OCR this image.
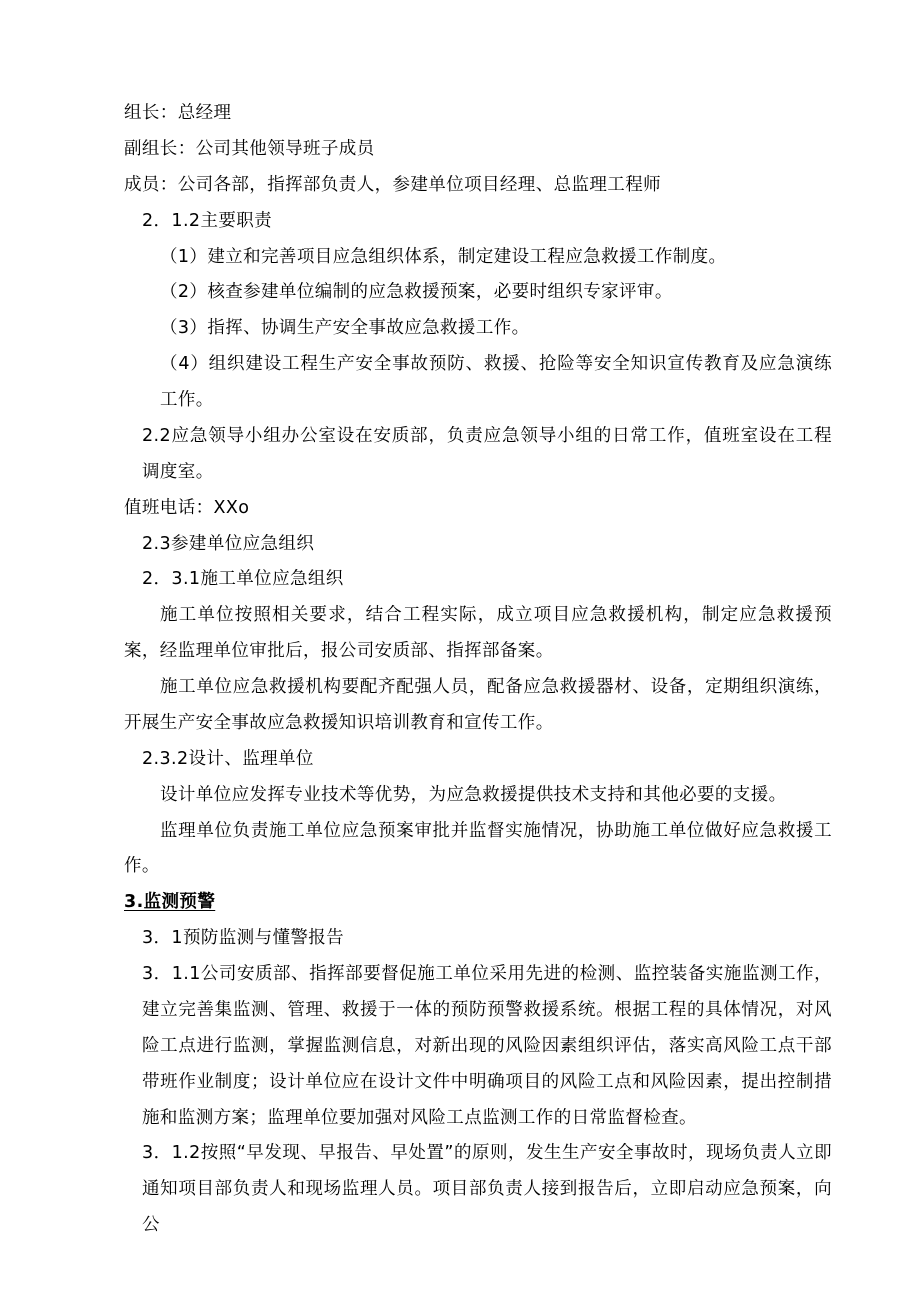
组长：总经理

副组长：公司其他领导班子成员

成员：公司各部，指挥部负责人，参建单位项目经理、总监理工程师

2．1.2主要职责

（1）建立和完善项目应急组织体系，制定建设工程应急救援工作制度。

（2）核查参建单位编制的应急救援预案，必要时组织专家评审。

（3）指挥、协调生产安全事故应急救援工作。

（4）组织建设工程生产安全事故预防、救援、抢险等安全知识宣传教育及应急演练工作。

2.2应急领导小组办公室设在安质部，负责应急领导小组的日常工作，值班室设在工程调度室。

值班电话：XXo

2.3参建单位应急组织

2．3.1施工单位应急组织

施工单位按照相关要求，结合工程实际，成立项目应急救援机构，制定应急救援预案，经监理单位审批后，报公司安质部、指挥部备案。

施工单位应急救援机构要配齐配强人员，配备应急救援器材、设备，定期组织演练，开展生产安全事故应急救援知识培训教育和宣传工作。

2.3.2设计、监理单位

设计单位应发挥专业技术等优势，为应急救援提供技术支持和其他必要的支援。

监理单位负责施工单位应急预案审批并监督实施情况，协助施工单位做好应急救援工作。

3.监测预警

3．1预防监测与懂警报告

3．1.1公司安质部、指挥部要督促施工单位采用先进的检测、监控装备实施监测工作，建立完善集监测、管理、救援于一体的预防预警救援系统。根据工程的具体情况，对风险工点进行监测，掌握监测信息，对新出现的风险因素组织评估，落实高风险工点干部带班作业制度；设计单位应在设计文件中明确项目的风险工点和风险因素，提出控制措施和监测方案；监理单位要加强对风险工点监测工作的日常监督检查。

3．1.2按照“早发现、早报告、早处置”的原则，发生生产安全事故时，现场负责人立即通知项目部负责人和现场监理人员。项目部负责人接到报告后，立即启动应急预案，向公
